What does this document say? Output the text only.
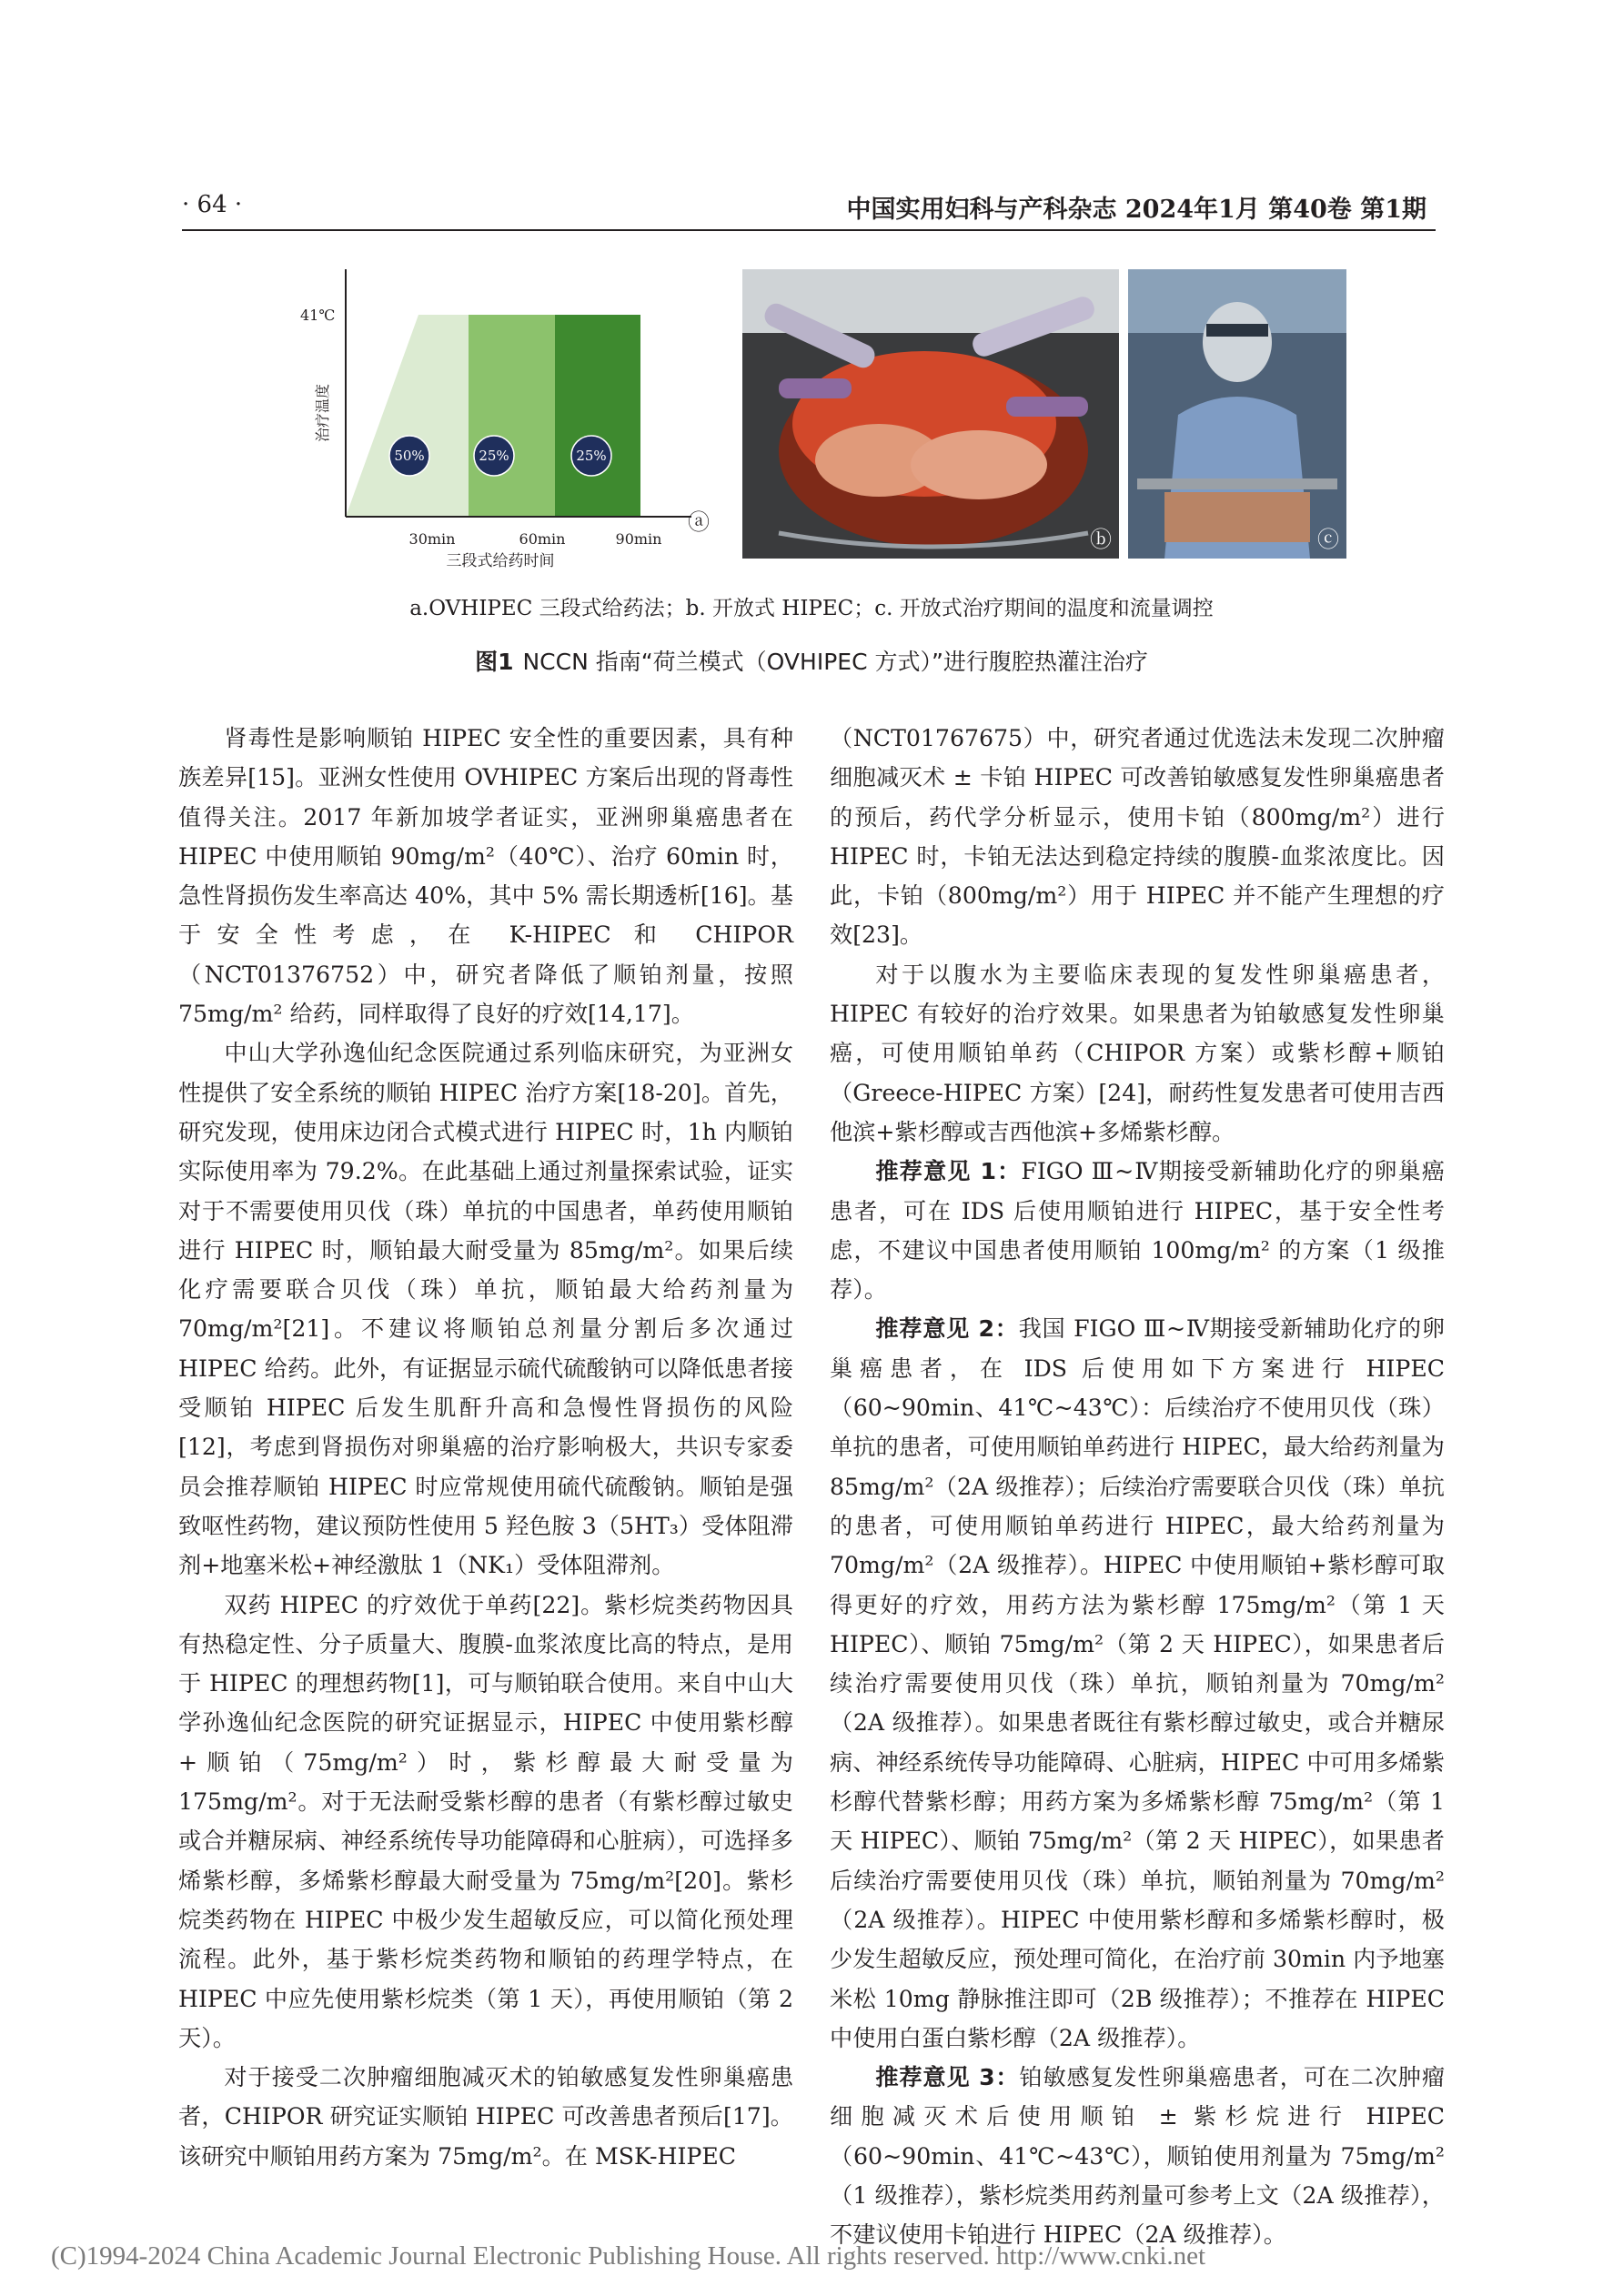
· 64 ·	中国实用妇科与产科杂志 2024年1月 第40卷 第1期
41℃
治疗温度
50%	25%	25%
30min	60min	90min
三段式给药时间
ⓐ
ⓑ	ⓒ
a.OVHIPEC 三段式给药法；b. 开放式 HIPEC；c. 开放式治疗期间的温度和流量调控
图1 NCCN 指南“荷兰模式（OVHIPEC 方式）”进行腹腔热灌注治疗

肾毒性是影响顺铂 HIPEC 安全性的重要因素，具有种族差异[15]。亚洲女性使用 OVHIPEC 方案后出现的肾毒性值得关注。2017 年新加坡学者证实，亚洲卵巢癌患者在 HIPEC 中使用顺铂 90mg/m²（40℃）、治疗 60min 时，急性肾损伤发生率高达 40%，其中 5% 需长期透析[16]。基于安全性考虑，在 K-HIPEC 和 CHIPOR（NCT01376752）中，研究者降低了顺铂剂量，按照 75mg/m² 给药，同样取得了良好的疗效[14,17]。

中山大学孙逸仙纪念医院通过系列临床研究，为亚洲女性提供了安全系统的顺铂 HIPEC 治疗方案[18-20]。首先，研究发现，使用床边闭合式模式进行 HIPEC 时，1h 内顺铂实际使用率为 79.2%。在此基础上通过剂量探索试验，证实对于不需要使用贝伐（珠）单抗的中国患者，单药使用顺铂进行 HIPEC 时，顺铂最大耐受量为 85mg/m²。如果后续化疗需要联合贝伐（珠）单抗，顺铂最大给药剂量为 70mg/m²[21]。不建议将顺铂总剂量分割后多次通过 HIPEC 给药。此外，有证据显示硫代硫酸钠可以降低患者接受顺铂 HIPEC 后发生肌酐升高和急慢性肾损伤的风险[12]，考虑到肾损伤对卵巢癌的治疗影响极大，共识专家委员会推荐顺铂 HIPEC 时应常规使用硫代硫酸钠。顺铂是强致呕性药物，建议预防性使用 5 羟色胺 3（5HT₃）受体阻滞剂+地塞米松+神经激肽 1（NK₁）受体阻滞剂。

双药 HIPEC 的疗效优于单药[22]。紫杉烷类药物因具有热稳定性、分子质量大、腹膜-血浆浓度比高的特点，是用于 HIPEC 的理想药物[1]，可与顺铂联合使用。来自中山大学孙逸仙纪念医院的研究证据显示，HIPEC 中使用紫杉醇+顺铂（75mg/m²）时，紫杉醇最大耐受量为 175mg/m²。对于无法耐受紫杉醇的患者（有紫杉醇过敏史或合并糖尿病、神经系统传导功能障碍和心脏病），可选择多烯紫杉醇，多烯紫杉醇最大耐受量为 75mg/m²[20]。紫杉烷类药物在 HIPEC 中极少发生超敏反应，可以简化预处理流程。此外，基于紫杉烷类药物和顺铂的药理学特点，在 HIPEC 中应先使用紫杉烷类（第 1 天），再使用顺铂（第 2 天）。

对于接受二次肿瘤细胞减灭术的铂敏感复发性卵巢癌患者，CHIPOR 研究证实顺铂 HIPEC 可改善患者预后[17]。该研究中顺铂用药方案为 75mg/m²。在 MSK-HIPEC

（NCT01767675）中，研究者通过优选法未发现二次肿瘤细胞减灭术 ± 卡铂 HIPEC 可改善铂敏感复发性卵巢癌患者的预后，药代学分析显示，使用卡铂（800mg/m²）进行 HIPEC 时，卡铂无法达到稳定持续的腹膜-血浆浓度比。因此，卡铂（800mg/m²）用于 HIPEC 并不能产生理想的疗效[23]。

对于以腹水为主要临床表现的复发性卵巢癌患者，HIPEC 有较好的治疗效果。如果患者为铂敏感复发性卵巢癌，可使用顺铂单药（CHIPOR 方案）或紫杉醇+顺铂（Greece-HIPEC 方案）[24]，耐药性复发患者可使用吉西他滨+紫杉醇或吉西他滨+多烯紫杉醇。

推荐意见 1：FIGO Ⅲ~Ⅳ期接受新辅助化疗的卵巢癌患者，可在 IDS 后使用顺铂进行 HIPEC，基于安全性考虑，不建议中国患者使用顺铂 100mg/m² 的方案（1 级推荐）。

推荐意见 2：我国 FIGO Ⅲ~Ⅳ期接受新辅助化疗的卵巢癌患者，在 IDS 后使用如下方案进行 HIPEC（60~90min、41℃~43℃）：后续治疗不使用贝伐（珠）单抗的患者，可使用顺铂单药进行 HIPEC，最大给药剂量为 85mg/m²（2A 级推荐）；后续治疗需要联合贝伐（珠）单抗的患者，可使用顺铂单药进行 HIPEC，最大给药剂量为 70mg/m²（2A 级推荐）。HIPEC 中使用顺铂+紫杉醇可取得更好的疗效，用药方法为紫杉醇 175mg/m²（第 1 天 HIPEC）、顺铂 75mg/m²（第 2 天 HIPEC），如果患者后续治疗需要使用贝伐（珠）单抗，顺铂剂量为 70mg/m²（2A 级推荐）。如果患者既往有紫杉醇过敏史，或合并糖尿病、神经系统传导功能障碍、心脏病，HIPEC 中可用多烯紫杉醇代替紫杉醇；用药方案为多烯紫杉醇 75mg/m²（第 1 天 HIPEC）、顺铂 75mg/m²（第 2 天 HIPEC），如果患者后续治疗需要使用贝伐（珠）单抗，顺铂剂量为 70mg/m²（2A 级推荐）。HIPEC 中使用紫杉醇和多烯紫杉醇时，极少发生超敏反应，预处理可简化，在治疗前 30min 内予地塞米松 10mg 静脉推注即可（2B 级推荐）；不推荐在 HIPEC 中使用白蛋白紫杉醇（2A 级推荐）。

推荐意见 3：铂敏感复发性卵巢癌患者，可在二次肿瘤细胞减灭术后使用顺铂 ± 紫杉烷进行 HIPEC（60~90min、41℃~43℃），顺铂使用剂量为 75mg/m²（1 级推荐），紫杉烷类用药剂量可参考上文（2A 级推荐），不建议使用卡铂进行 HIPEC（2A 级推荐）。

(C)1994-2024 China Academic Journal Electronic Publishing House. All rights reserved. http://www.cnki.net
